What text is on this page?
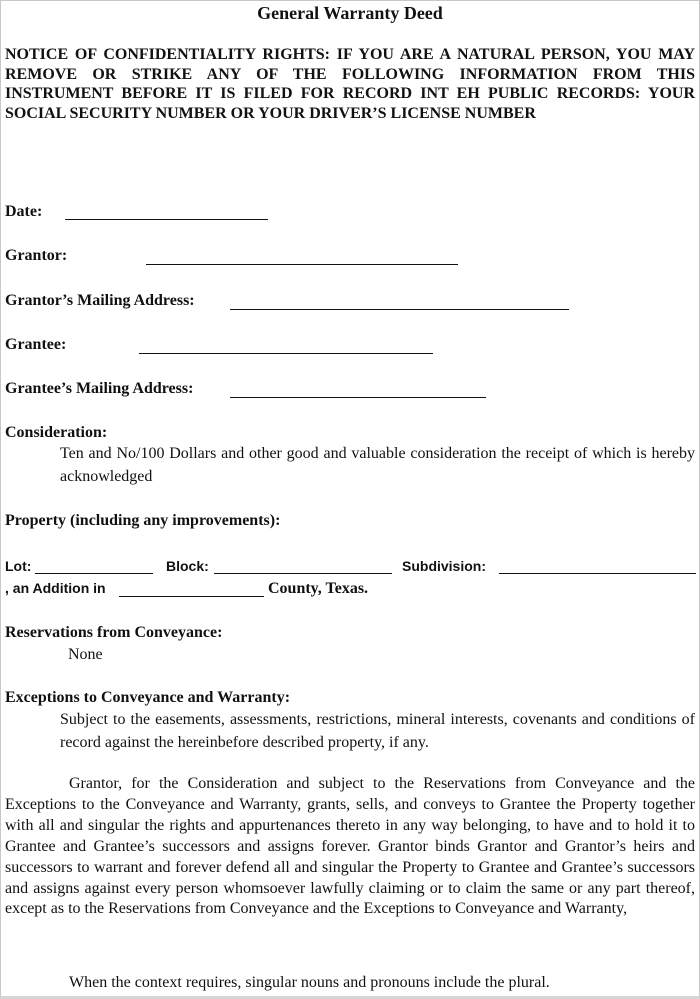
General Warranty Deed

NOTICE OF CONFIDENTIALITY RIGHTS: IF YOU ARE A NATURAL PERSON, YOU MAY REMOVE OR STRIKE ANY OF THE FOLLOWING INFORMATION FROM THIS INSTRUMENT BEFORE IT IS FILED FOR RECORD INT EH PUBLIC RECORDS: YOUR SOCIAL SECURITY NUMBER OR YOUR DRIVER’S LICENSE NUMBER

Date:
Grantor:
Grantor’s Mailing Address:
Grantee:
Grantee’s Mailing Address:
Consideration:

Ten and No/100 Dollars and other good and valuable consideration the receipt of which is hereby acknowledged

Property (including any improvements):
Lot:	Block:	Subdivision:
, an Addition in	County, Texas.
Reservations from Conveyance:
None
Exceptions to Conveyance and Warranty:

Subject to the easements, assessments, restrictions, mineral interests, covenants and conditions of record against the hereinbefore described property, if any.

Grantor, for the Consideration and subject to the Reservations from Conveyance and the Exceptions to the Conveyance and Warranty, grants, sells, and conveys to Grantee the Property together with all and singular the rights and appurtenances thereto in any way belonging, to have and to hold it to Grantee and Grantee’s successors and assigns forever. Grantor binds Grantor and Grantor’s heirs and successors to warrant and forever defend all and singular the Property to Grantee and Grantee’s successors and assigns against every person whomsoever lawfully claiming or to claim the same or any part thereof, except as to the Reservations from Conveyance and the Exceptions to Conveyance and Warranty,

When the context requires, singular nouns and pronouns include the plural.
